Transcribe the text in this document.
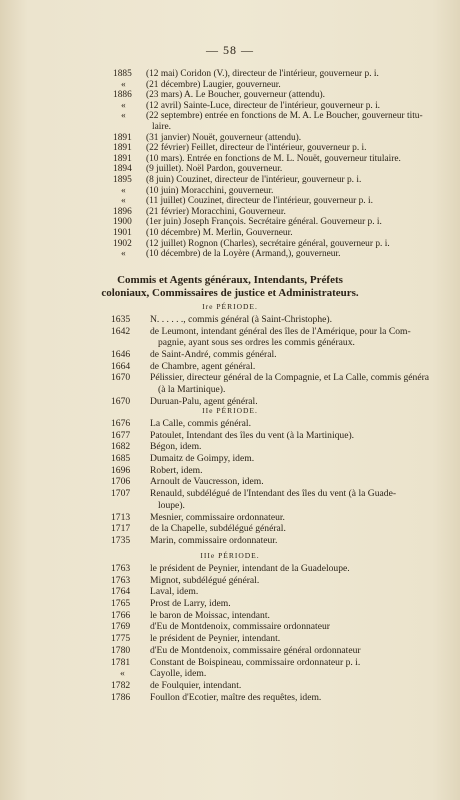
— 58 —
1885	(12 mai) Coridon (V.), directeur de l'intérieur, gouverneur p. i.
«	(21 décembre) Laugier, gouverneur.
1886	(23 mars) A. Le Boucher, gouverneur (attendu).
«	(12 avril) Sainte-Luce, directeur de l'intérieur, gouverneur p. i.
«	(22 septembre) entrée en fonctions de M. A. Le Boucher, gouverneur titu-
laire.
1891	(31 janvier) Nouët, gouverneur (attendu).
1891	(22 février) Feillet, directeur de l'intérieur, gouverneur p. i.
1891	(10 mars). Entrée en fonctions de M. L. Nouët, gouverneur titulaire.
1894	(9 juillet). Noël Pardon, gouverneur.
1895	(8 juin) Couzinet, directeur de l'intérieur, gouverneur p. i.
«	(10 juin) Moracchini, gouverneur.
«	(11 juillet) Couzinet, directeur de l'intérieur, gouverneur p. i.
1896	(21 février) Moracchini, Gouverneur.
1900	(1er juin) Joseph François. Secrétaire général. Gouverneur p. i.
1901	(10 décembre) M. Merlin, Gouverneur.
1902	(12 juillet) Rognon (Charles), secrétaire général, gouverneur p. i.
«	(10 décembre) de la Loyère (Armand,), gouverneur.
Commis et Agents généraux, Intendants, Préfets
coloniaux, Commissaires de justice et Administrateurs.
Ire PÉRIODE.
1635	N. . . . . ., commis général (à Saint-Christophe).
1642	de Leumont, intendant général des îles de l'Amérique, pour la Com-
pagnie, ayant sous ses ordres les commis généraux.
1646	de Saint-André, commis général.
1664	de Chambre, agent général.
1670	Pélissier, directeur général de la Compagnie, et La Calle, commis généra
(à la Martinique).
1670	Duruan-Palu, agent général.
IIe PÉRIODE.
1676	La Calle, commis général.
1677	Patoulet, Intendant des îles du vent (à la Martinique).
1682	Bégon, idem.
1685	Dumaitz de Goimpy, idem.
1696	Robert, idem.
1706	Arnoult de Vaucresson, idem.
1707	Renauld, subdélégué de l'Intendant des îles du vent (à la Guade-
loupe).
1713	Mesnier, commissaire ordonnateur.
1717	de la Chapelle, subdélégué général.
1735	Marin, commissaire ordonnateur.
IIIe PÉRIODE.
1763	le président de Peynier, intendant de la Guadeloupe.
1763	Mignot, subdélégué général.
1764	Laval, idem.
1765	Prost de Larry, idem.
1766	le baron de Moissac, intendant.
1769	d'Eu de Montdenoix, commissaire ordonnateur
1775	le président de Peynier, intendant.
1780	d'Eu de Montdenoix, commissaire général ordonnateur
1781	Constant de Boispineau, commissaire ordonnateur p. i.
«	Cayolle, idem.
1782	de Foulquier, intendant.
1786	Foullon d'Ecotier, maître des requêtes, idem.
